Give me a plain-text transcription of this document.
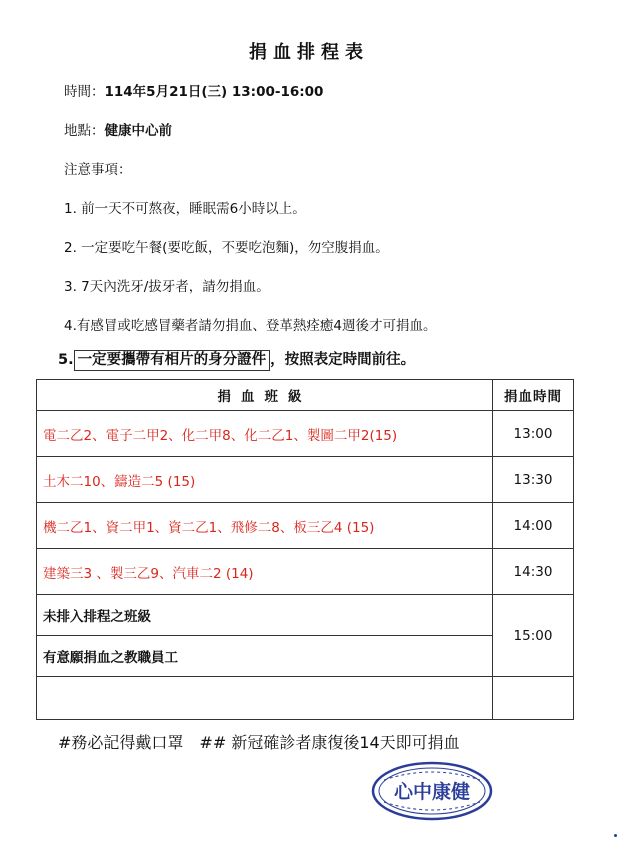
捐血排程表
時間：114年5月21日(三) 13:00-16:00
地點：健康中心前
注意事項：
1. 前一天不可熬夜，睡眠需6小時以上。
2. 一定要吃午餐(要吃飯，不要吃泡麵)，勿空腹捐血。
3. 7天內洗牙/拔牙者，請勿捐血。
4.有感冒或吃感冒藥者請勿捐血、登革熱痊癒4週後才可捐血。
5. 一定要攜帶有相片的身分證件 ，按照表定時間前往。
捐血班級	捐血時間
電二乙2、電子二甲2、化二甲8、化二乙1、製圖二甲2(15)	13:00
土木二10、鑄造二5 (15)	13:30
機二乙1、資二甲1、資二乙1、飛修二8、板三乙4 (15)	14:00
建築三3 、製三乙9、汽車二2 (14)	14:30
未排入排程之班級	15:00
有意願捐血之教職員工	

#務必記得戴口罩 ## 新冠確診者康復後14天即可捐血
心中康健
